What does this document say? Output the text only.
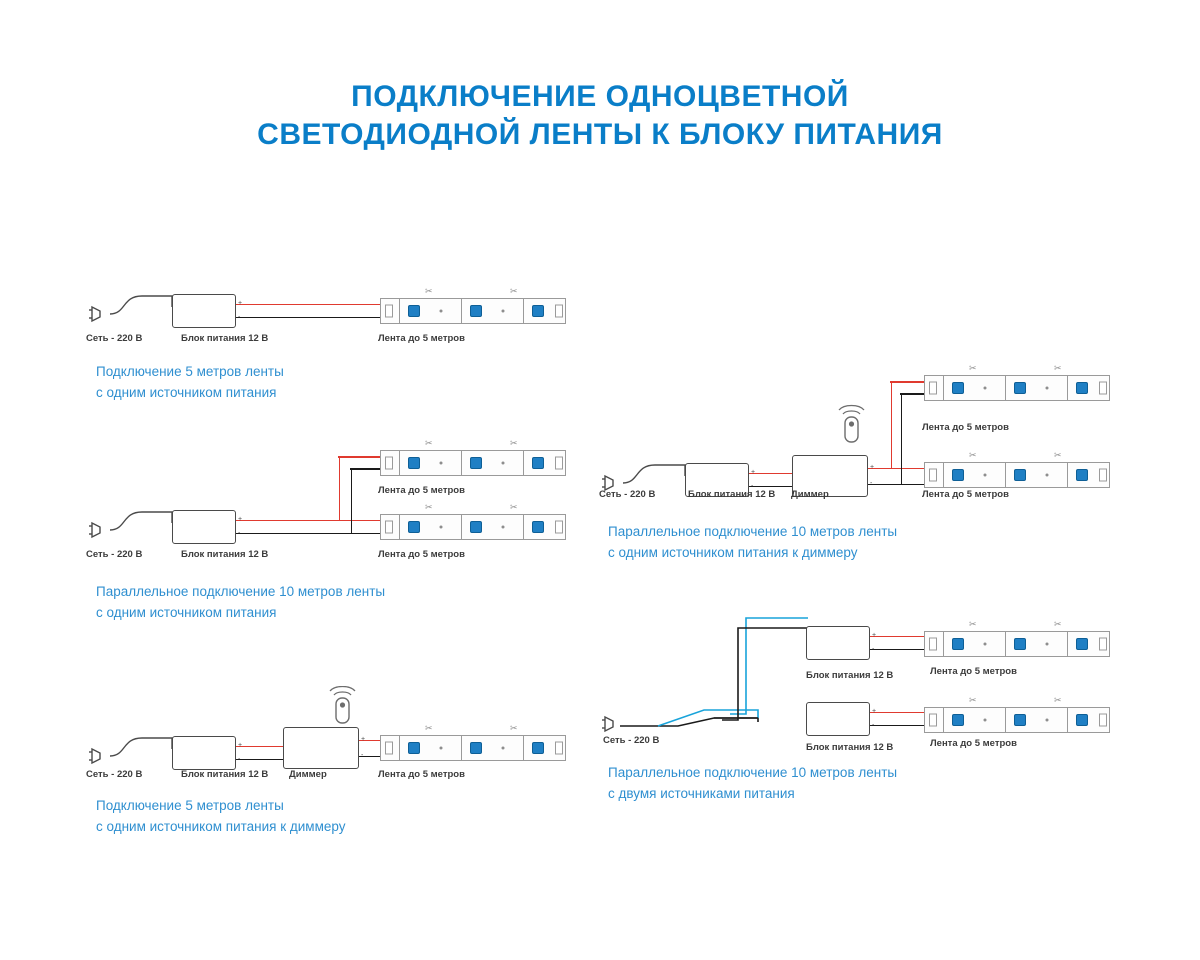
ПОДКЛЮЧЕНИЕ ОДНОЦВЕТНОЙ
СВЕТОДИОДНОЙ ЛЕНТЫ К БЛОКУ ПИТАНИЯ
+
-
✂	✂
Сеть - 220 В	Блок питания 12 В	Лента до 5 метров
Подключение 5 метров ленты
с одним источником питания
+
-
✂	✂
✂	✂
Лента до 5 метров
Сеть - 220 В	Блок питания 12 В	Лента до 5 метров
Параллельное подключение 10 метров ленты
с одним источником питания
+
-
+
-
✂	✂
Сеть - 220 В	Блок питания 12 В Диммер	Лента до 5 метров
Подключение 5 метров ленты
с одним источником питания к диммеру
+
-
+
-
✂	✂
✂	✂
Лента до 5 метров
Сеть - 220 В	Блок питания 12 В Диммер	Лента до 5 метров
Параллельное подключение 10 метров ленты
с одним источником питания к диммеру
+
-
+
-
✂	✂
✂	✂
Лента до 5 метров
Блок питания 12 В
Сеть - 220 В
Блок питания 12 В	Лента до 5 метров
Параллельное подключение 10 метров ленты
с двумя источниками питания
